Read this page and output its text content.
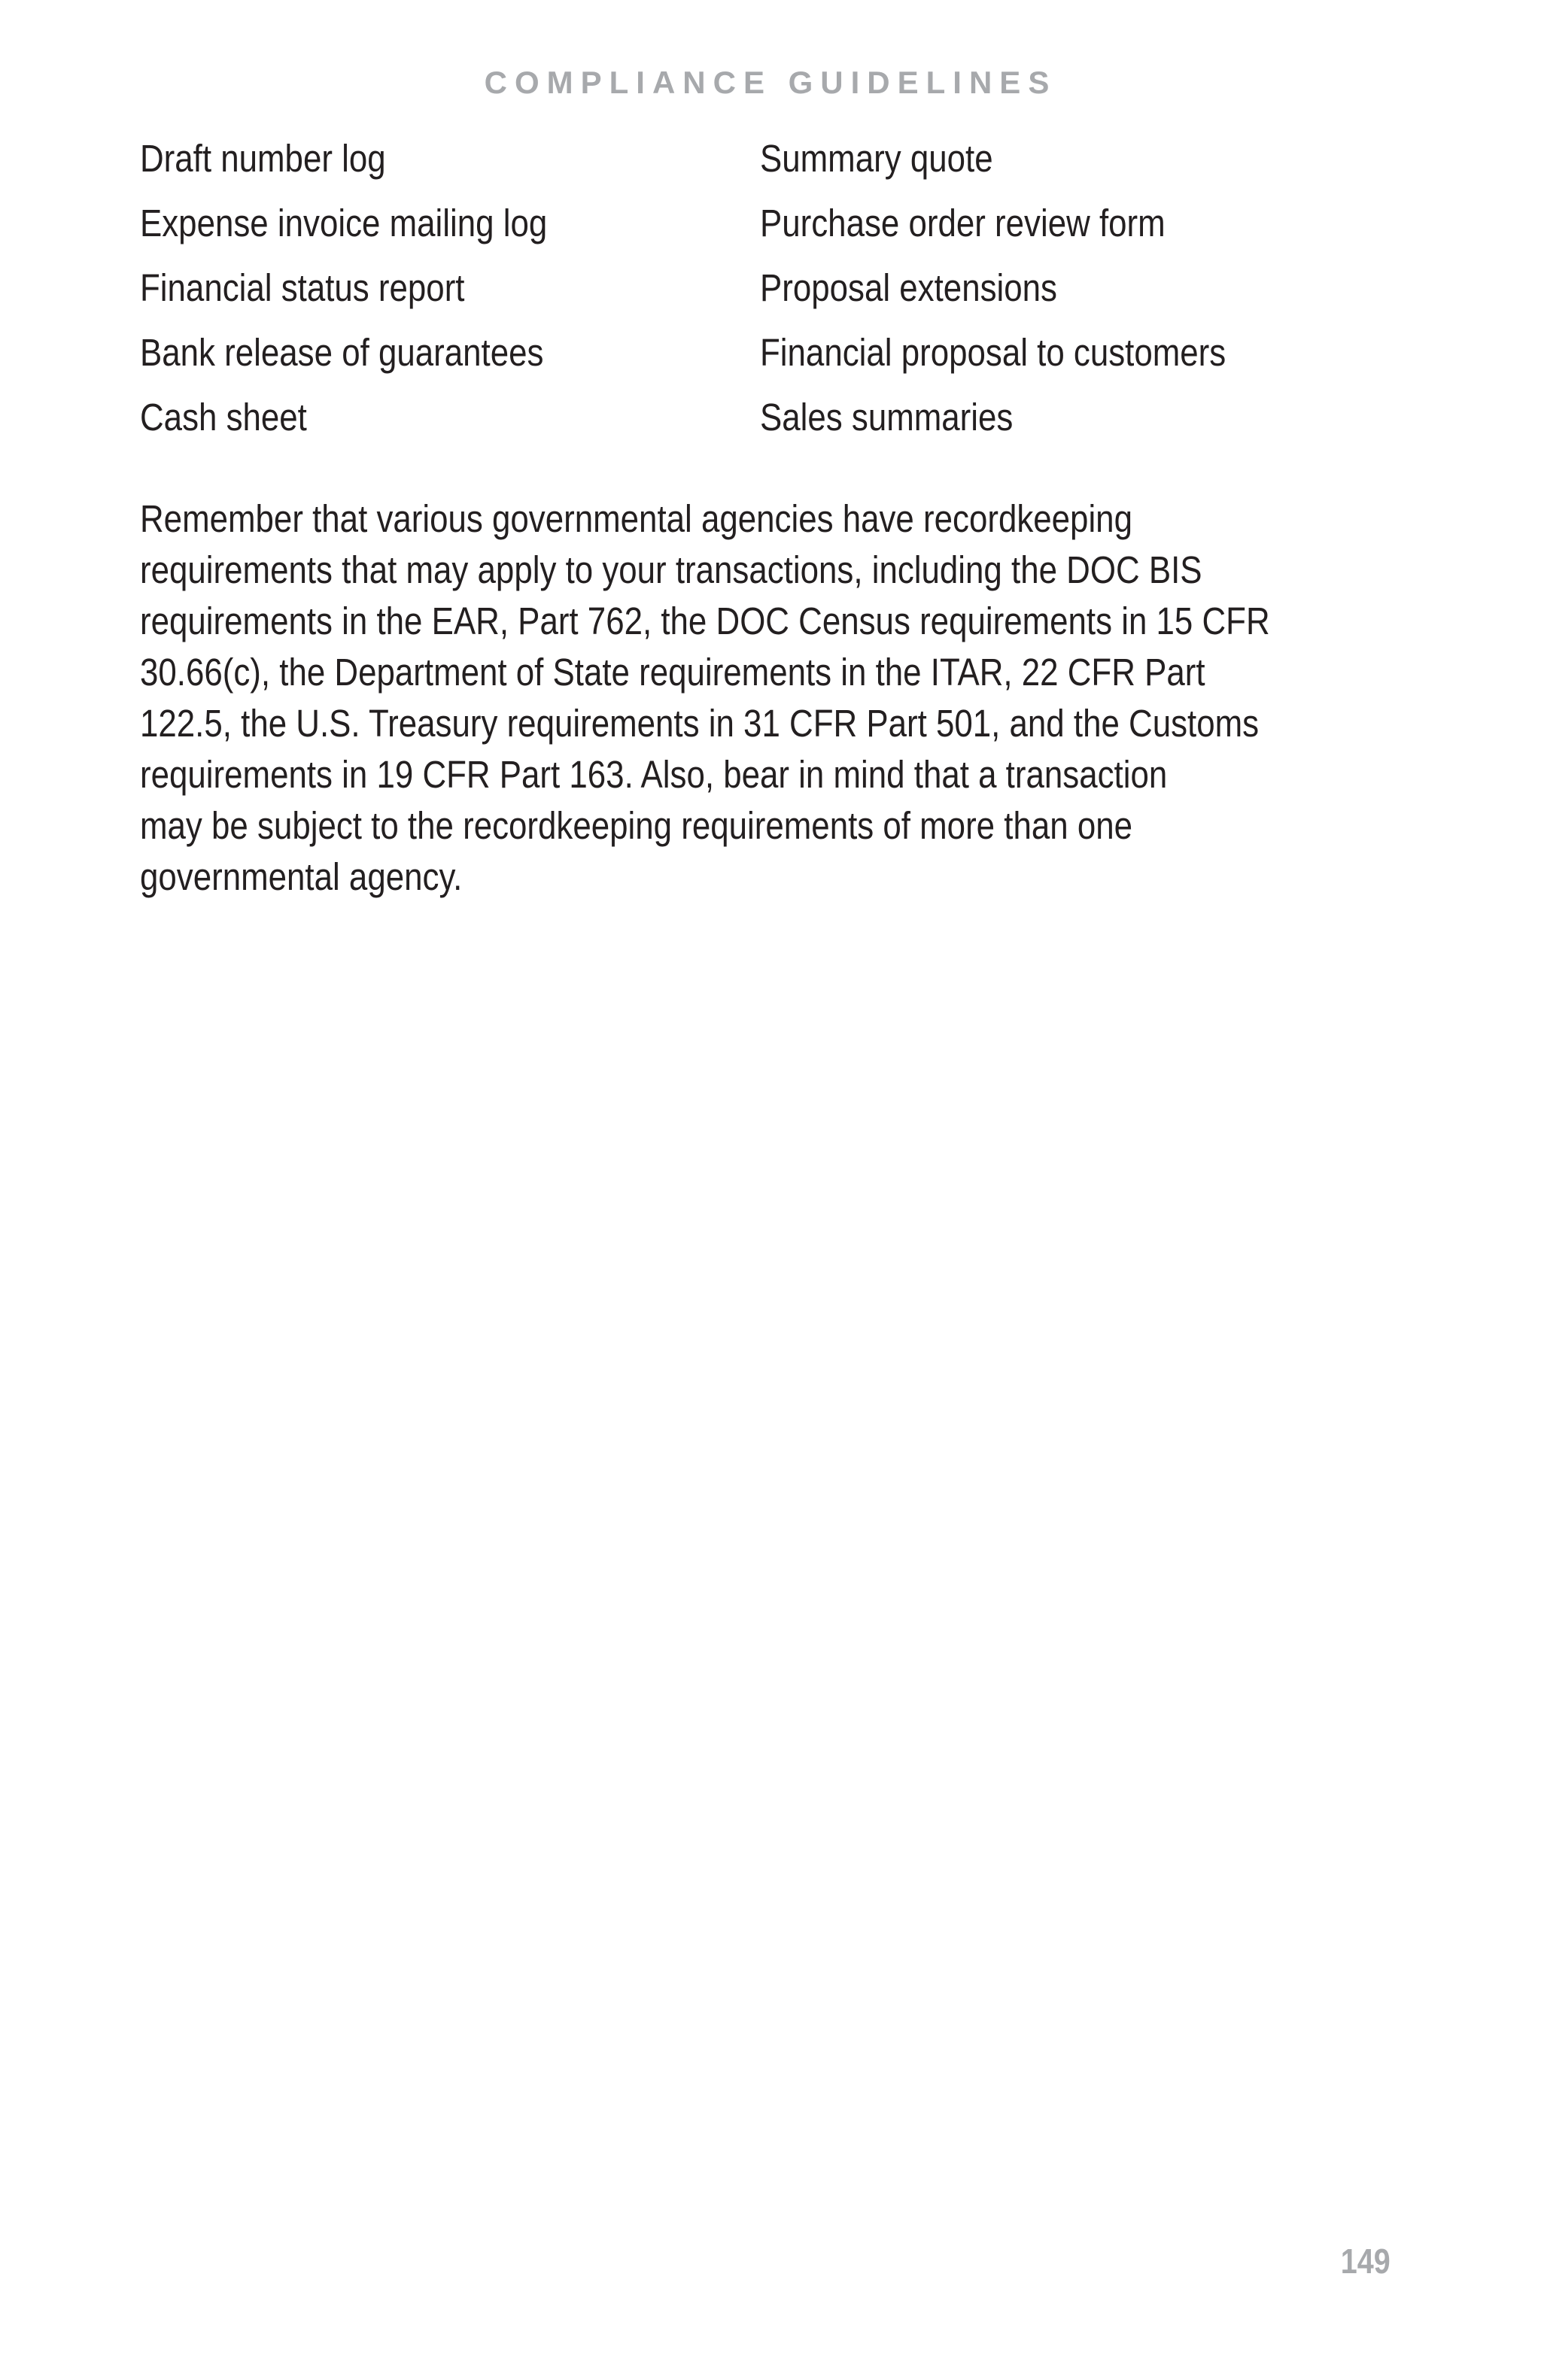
COMPLIANCE GUIDELINES
Draft number log	Summary quote
Expense invoice mailing log	Purchase order review form
Financial status report	Proposal extensions
Bank release of guarantees	Financial proposal to customers
Cash sheet	Sales summaries

Remember that various governmental agencies have recordkeeping
requirements that may apply to your transactions, including the DOC BIS
requirements in the EAR, Part 762, the DOC Census requirements in 15 CFR
30.66(c), the Department of State requirements in the ITAR, 22 CFR Part
122.5, the U.S. Treasury requirements in 31 CFR Part 501, and the Customs
requirements in 19 CFR Part 163. Also, bear in mind that a transaction
may be subject to the recordkeeping requirements of more than one
governmental agency.

149
